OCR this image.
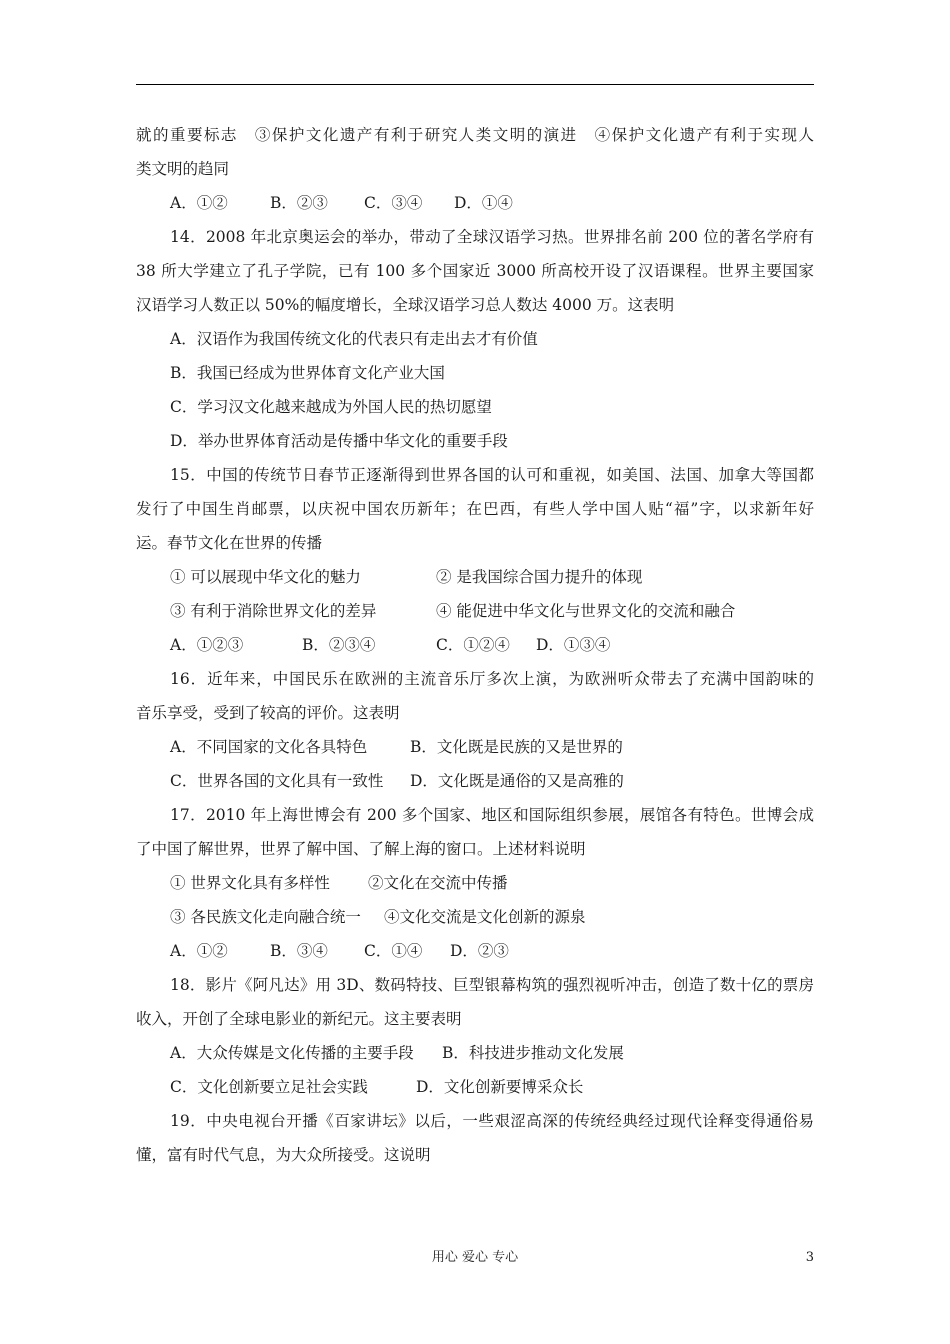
就的重要标志　③保护文化遗产有利于研究人类文明的演进　④保护文化遗产有利于实现人
类文明的趋同
A．①②	B．②③	C．③④	D．①④
14．2008 年北京奥运会的举办，带动了全球汉语学习热。世界排名前 200 位的著名学府有
38 所大学建立了孔子学院，已有 100 多个国家近 3000 所高校开设了汉语课程。世界主要国家
汉语学习人数正以 50%的幅度增长，全球汉语学习总人数达 4000 万。这表明
A．汉语作为我国传统文化的代表只有走出去才有价值
B．我国已经成为世界体育文化产业大国
C．学习汉文化越来越成为外国人民的热切愿望
D．举办世界体育活动是传播中华文化的重要手段
15．中国的传统节日春节正逐渐得到世界各国的认可和重视，如美国、法国、加拿大等国都
发行了中国生肖邮票，以庆祝中国农历新年；在巴西，有些人学中国人贴“福”字，以求新年好
运。春节文化在世界的传播
① 可以展现中华文化的魅力	② 是我国综合国力提升的体现
③ 有利于消除世界文化的差异	④ 能促进中华文化与世界文化的交流和融合
A．①②③	B．②③④	C．①②④	D．①③④
16．近年来，中国民乐在欧洲的主流音乐厅多次上演，为欧洲听众带去了充满中国韵味的
音乐享受，受到了较高的评价。这表明
A．不同国家的文化各具特色	B．文化既是民族的又是世界的
C．世界各国的文化具有一致性	D．文化既是通俗的又是高雅的
17．2010 年上海世博会有 200 多个国家、地区和国际组织参展，展馆各有特色。世博会成
了中国了解世界，世界了解中国、了解上海的窗口。上述材料说明
① 世界文化具有多样性	②文化在交流中传播
③ 各民族文化走向融合统一	④文化交流是文化创新的源泉
A．①②	B．③④	C．①④	D．②③
18．影片《阿凡达》用 3D、数码特技、巨型银幕构筑的强烈视听冲击，创造了数十亿的票房
收入，开创了全球电影业的新纪元。这主要表明
A．大众传媒是文化传播的主要手段	B．科技进步推动文化发展
C．文化创新要立足社会实践	D．文化创新要博采众长
19．中央电视台开播《百家讲坛》以后，一些艰涩高深的传统经典经过现代诠释变得通俗易
懂，富有时代气息，为大众所接受。这说明
用心 爱心 专心	3
